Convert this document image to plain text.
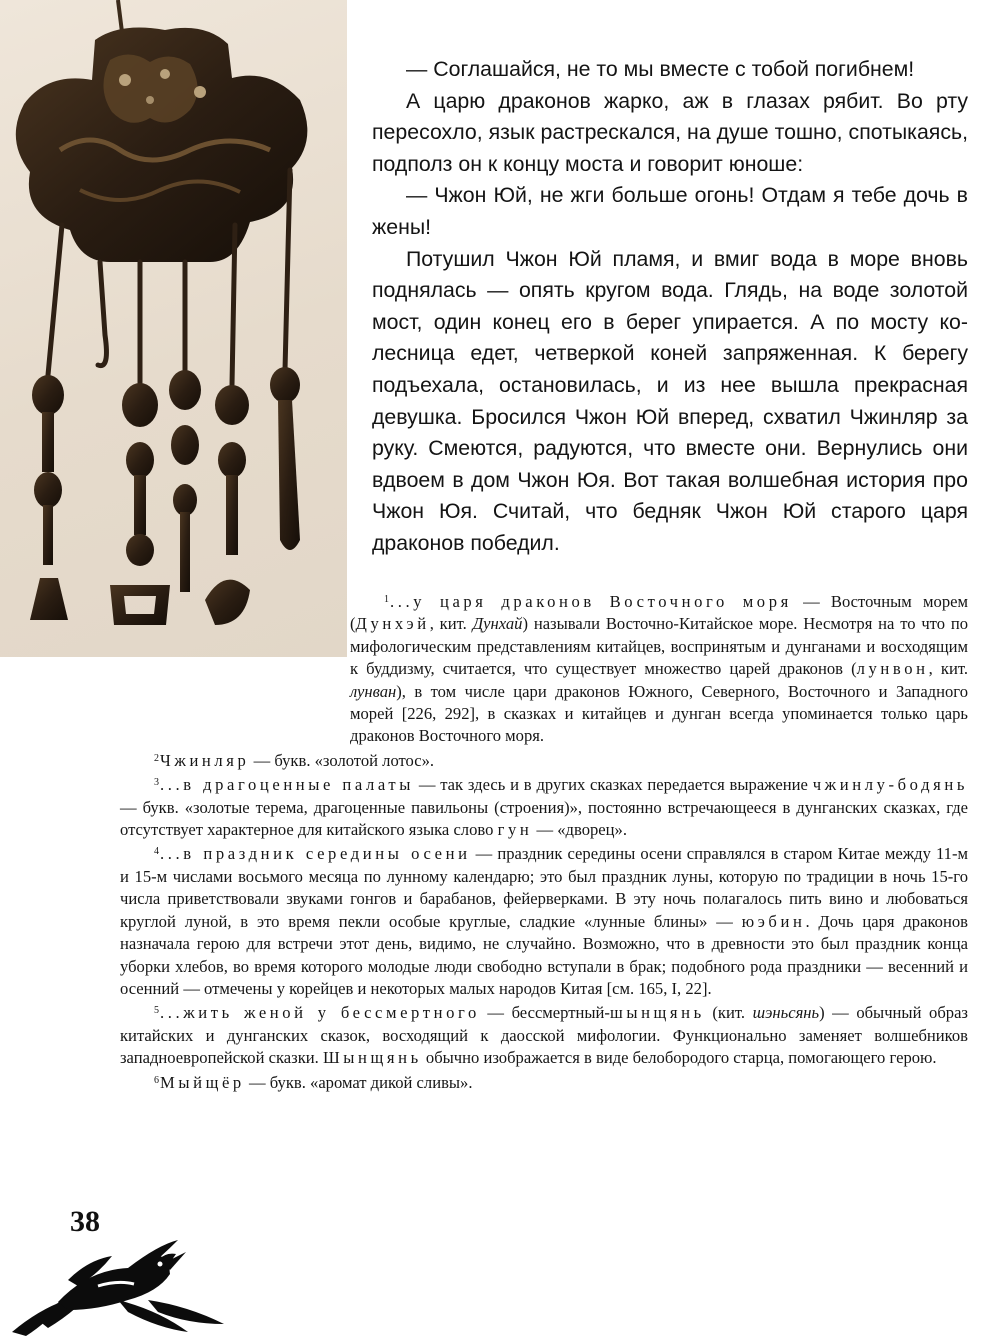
— Соглашайся, не то мы вместе с тобой погибнем!

А царю драконов жарко, аж в глазах рябит. Во рту пересохло, язык растрескался, на душе тошно, спотыкаясь, подполз он к концу моста и говорит юноше:

— Чжон Юй, не жги больше огонь! Отдам я тебе дочь в жены!

Потушил Чжон Юй пламя, и вмиг вода в море вновь поднялась — опять кругом вода. Глядь, на воде золотой мост, один конец его в берег упирается. А по мосту колесница едет, четверкой коней запряженная. К берегу подъехала, остановилась, и из нее вышла прекрасная девушка. Бросился Чжон Юй вперед, схватил Чжинляр за руку. Смеются, радуются, что вместе они. Вернулись они вдвоем в дом Чжон Юя. Вот такая волшебная история про Чжон Юя. Считай, что бедняк Чжон Юй старого царя драконов победил.

$^1$...у царя драконов Восточного моря — Восточным морем (Дунхэй, кит. Дунхай) называли Восточно-Китайское море. Несмотря на то что по мифологическим представлениям китайцев, воспринятым и дунганами и восходящим к буддизму, считается, что существует множество царей драконов (лунвон, кит. лунван), в том числе цари драконов Южного, Северного, Восточного и Западного морей [226, 292], в сказках и китайцев и дунган всегда упоминается только царь драконов Восточного моря.

$^2$Чжинляр — букв. «золотой лотос».

$^3$...в драгоценные палаты — так здесь и в других сказках передается выражение чжинлу-бодянь — букв. «золотые терема, драгоценные павильоны (строения)», постоянно встречающееся в дунганских сказках, где отсутствует характерное для китайского языка слово гун — «дворец».

$^4$...в праздник середины осени — праздник середины осени справлялся в старом Китае между 11-м и 15-м числами восьмого месяца по лунному календарю; это был праздник луны, которую по традиции в ночь 15-го числа приветствовали звуками гонгов и барабанов, фейерверками. В эту ночь полагалось пить вино и любоваться круглой луной, в это время пекли особые круглые, сладкие «лунные блины» — юэбин. Дочь царя драконов назначала герою для встречи этот день, видимо, не случайно. Возможно, что в древности это был праздник конца уборки хлебов, во время которого молодые люди свободно вступали в брак; подобного рода праздники — весенний и осенний — отмечены у корейцев и некоторых малых народов Китая [см. 165, I, 22].

$^5$...жить женой у бессмертного — бессмертный-шынщянь (кит. шэньсянь) — обычный образ китайских и дунганских сказок, восходящий к даосской мифологии. Функционально заменяет волшебников западноевропейской сказки. Шынщянь обычно изображается в виде белобородого старца, помогающего герою.

$^6$Мыйщёр — букв. «аромат дикой сливы».

38
